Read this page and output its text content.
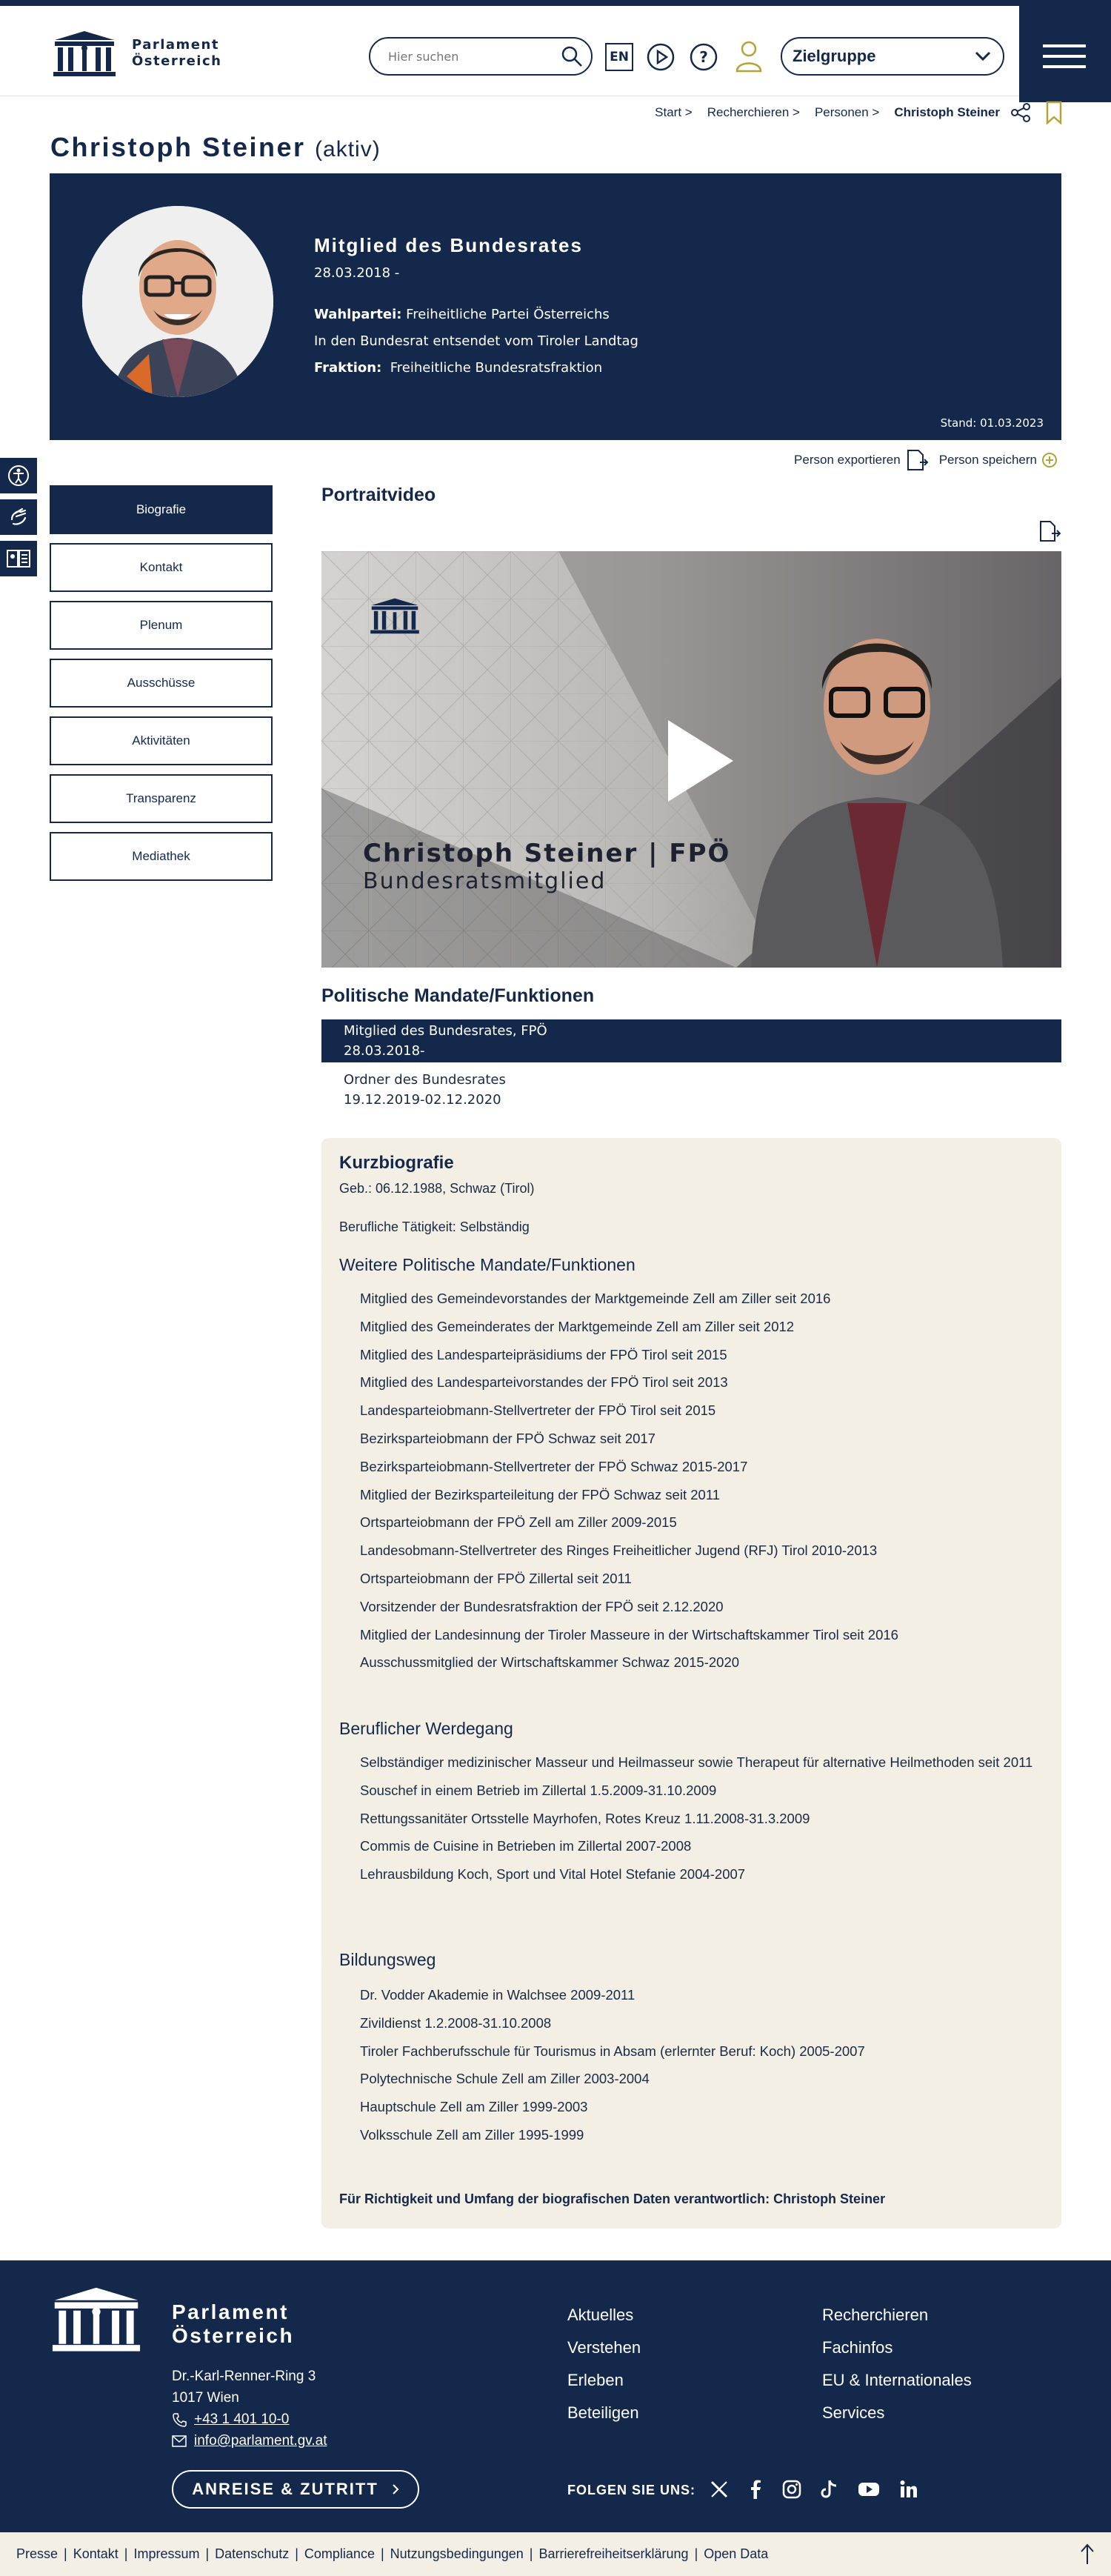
Parlament
Österreich
Hier suchen	EN	?	Zielgruppe
Start > Recherchieren > Personen > Christoph Steiner
Christoph Steiner (aktiv)
Mitglied des Bundesrates
28.03.2018 -
Wahlpartei: Freiheitliche Partei Österreichs
In den Bundesrat entsendet vom Tiroler Landtag
Fraktion: Freiheitliche Bundesratsfraktion
Stand: 01.03.2023
Person exportieren	Person speichern
Biografie
Kontakt
Plenum
Ausschüsse
Aktivitäten
Transparenz
Mediathek
Portraitvideo
Christoph Steiner | FPÖ
Bundesratsmitglied
Politische Mandate/Funktionen
Mitglied des Bundesrates, FPÖ
28.03.2018-
Ordner des Bundesrates
19.12.2019-02.12.2020
Kurzbiografie

Geb.: 06.12.1988, Schwaz (Tirol)

Berufliche Tätigkeit: Selbständig

Weitere Politische Mandate/Funktionen
Mitglied des Gemeindevorstandes der Marktgemeinde Zell am Ziller seit 2016
Mitglied des Gemeinderates der Marktgemeinde Zell am Ziller seit 2012
Mitglied des Landesparteipräsidiums der FPÖ Tirol seit 2015
Mitglied des Landesparteivorstandes der FPÖ Tirol seit 2013
Landesparteiobmann-Stellvertreter der FPÖ Tirol seit 2015
Bezirksparteiobmann der FPÖ Schwaz seit 2017
Bezirksparteiobmann-Stellvertreter der FPÖ Schwaz 2015-2017
Mitglied der Bezirksparteileitung der FPÖ Schwaz seit 2011
Ortsparteiobmann der FPÖ Zell am Ziller 2009-2015
Landesobmann-Stellvertreter des Ringes Freiheitlicher Jugend (RFJ) Tirol 2010-2013
Ortsparteiobmann der FPÖ Zillertal seit 2011
Vorsitzender der Bundesratsfraktion der FPÖ seit 2.12.2020
Mitglied der Landesinnung der Tiroler Masseure in der Wirtschaftskammer Tirol seit 2016
Ausschussmitglied der Wirtschaftskammer Schwaz 2015-2020
Beruflicher Werdegang
Selbständiger medizinischer Masseur und Heilmasseur sowie Therapeut für alternative Heilmethoden seit 2011
Souschef in einem Betrieb im Zillertal 1.5.2009-31.10.2009
Rettungssanitäter Ortsstelle Mayrhofen, Rotes Kreuz 1.11.2008-31.3.2009
Commis de Cuisine in Betrieben im Zillertal 2007-2008
Lehrausbildung Koch, Sport und Vital Hotel Stefanie 2004-2007
Bildungsweg
Dr. Vodder Akademie in Walchsee 2009-2011
Zivildienst 1.2.2008-31.10.2008
Tiroler Fachberufsschule für Tourismus in Absam (erlernter Beruf: Koch) 2005-2007
Polytechnische Schule Zell am Ziller 2003-2004
Hauptschule Zell am Ziller 1999-2003
Volksschule Zell am Ziller 1995-1999
Für Richtigkeit und Umfang der biografischen Daten verantwortlich: Christoph Steiner
Parlament
Österreich
Dr.-Karl-Renner-Ring 3
1017 Wien
+43 1 401 10-0
info@parlament.gv.at
ANREISE & ZUTRITT
Aktuelles
Verstehen
Erleben
Beteiligen
Recherchieren
Fachinfos
EU & Internationales
Services
FOLGEN SIE UNS:
Presse | Kontakt | Impressum | Datenschutz | Compliance | Nutzungsbedingungen | Barrierefreiheitserklärung | Open Data
